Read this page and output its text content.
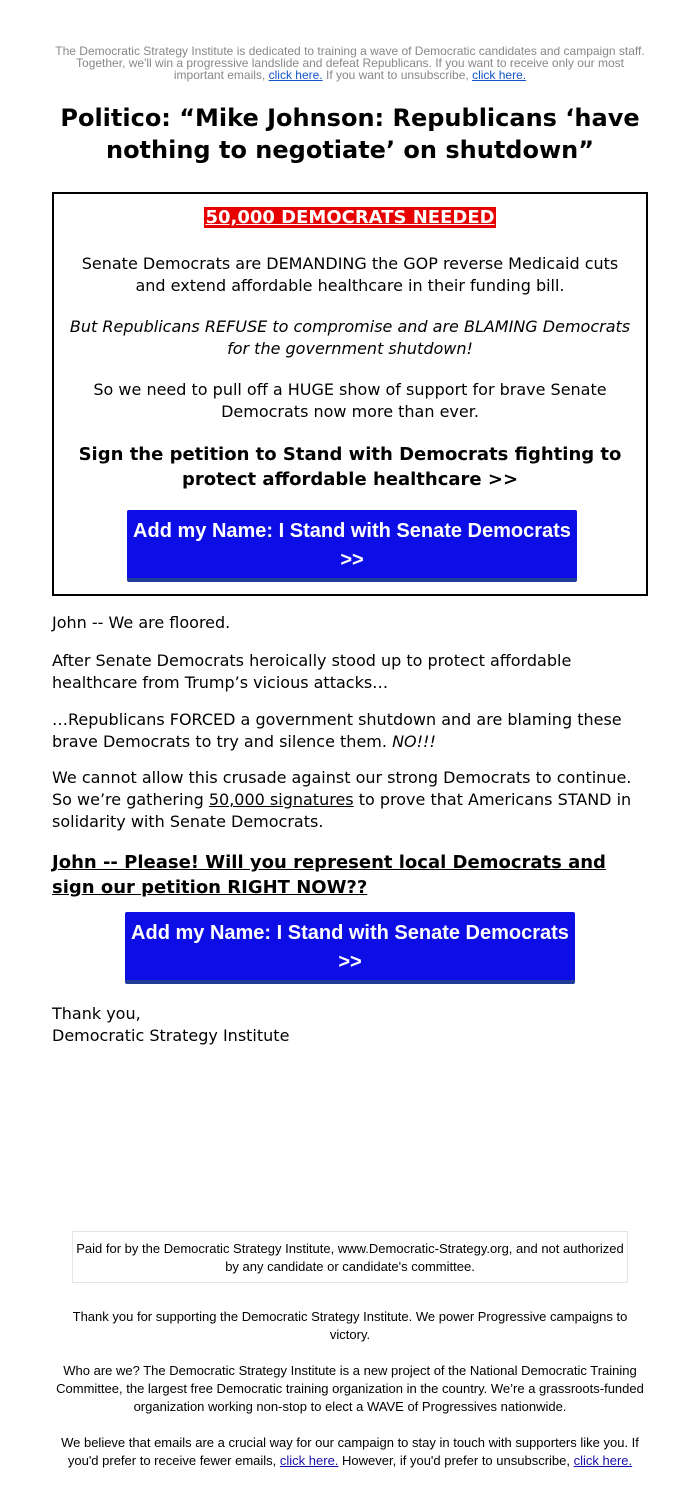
The Democratic Strategy Institute is dedicated to training a wave of Democratic candidates and campaign staff. Together, we'll win a progressive landslide and defeat Republicans. If you want to receive only our most important emails, click here. If you want to unsubscribe, click here.
Politico: “Mike Johnson: Republicans ‘have nothing to negotiate’ on shutdown”
50,000 DEMOCRATS NEEDED

Senate Democrats are DEMANDING the GOP reverse Medicaid cuts and extend affordable healthcare in their funding bill.

But Republicans REFUSE to compromise and are BLAMING Democrats for the government shutdown!

So we need to pull off a HUGE show of support for brave Senate Democrats now more than ever.

Sign the petition to Stand with Democrats fighting to protect affordable healthcare >>

Add my Name: I Stand with Senate Democrats >>

John -- We are floored.

After Senate Democrats heroically stood up to protect affordable healthcare from Trump’s vicious attacks…

…Republicans FORCED a government shutdown and are blaming these brave Democrats to try and silence them. NO!!!

We cannot allow this crusade against our strong Democrats to continue. So we’re gathering 50,000 signatures to prove that Americans STAND in solidarity with Senate Democrats.

John -- Please! Will you represent local Democrats and sign our petition RIGHT NOW??
Add my Name: I Stand with Senate Democrats >>

Thank you,
Democratic Strategy Institute

Paid for by the Democratic Strategy Institute, www.Democratic-Strategy.org, and not authorized by any candidate or candidate's committee.

Thank you for supporting the Democratic Strategy Institute. We power Progressive campaigns to victory.

Who are we? The Democratic Strategy Institute is a new project of the National Democratic Training Committee, the largest free Democratic training organization in the country. We’re a grassroots-funded organization working non-stop to elect a WAVE of Progressives nationwide.

We believe that emails are a crucial way for our campaign to stay in touch with supporters like you. If you'd prefer to receive fewer emails, click here. However, if you'd prefer to unsubscribe, click here.
